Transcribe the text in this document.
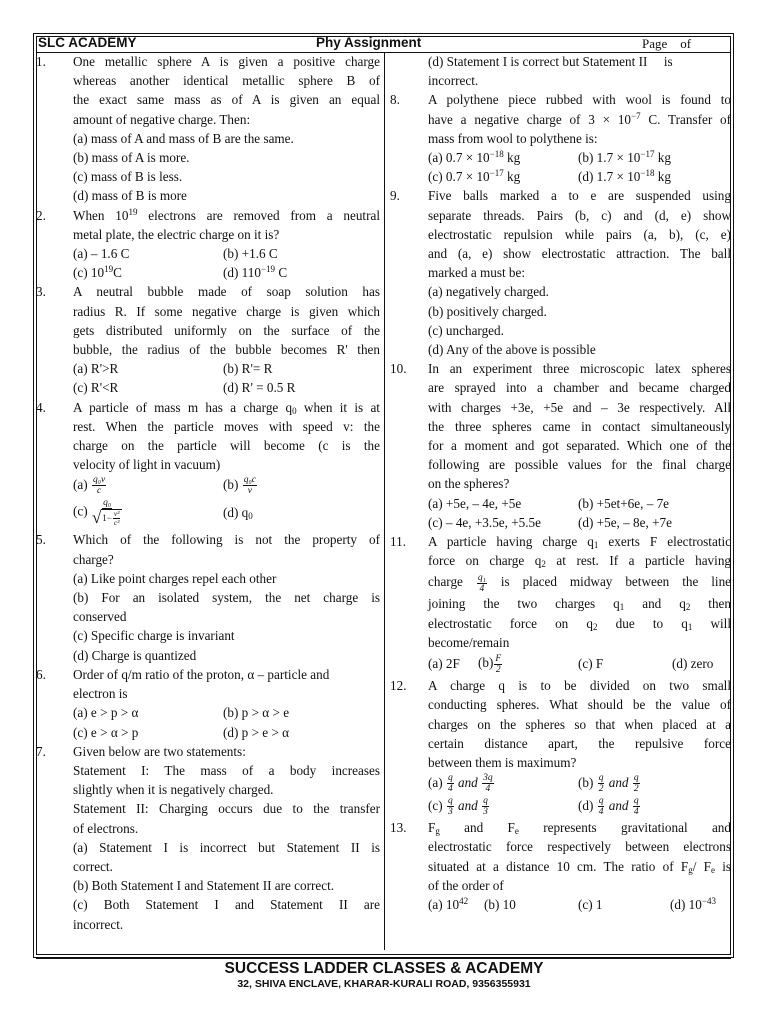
SLC ACADEMY	Phy Assignment	Page    of
1. One metallic sphere A is given a positive charge
whereas another identical metallic sphere B of
the exact same mass as of A is given an equal
amount of negative charge. Then:
(a) mass of A and mass of B are the same.
(b) mass of A is more.
(c) mass of B is less.
(d) mass of B is more
2. When $10^{19}$ electrons are removed from a neutral
metal plate, the electric charge on it is?
(a) – 1.6 C	(b) +1.6 C
(c) $10^{19}C$	(d) $110^{-19}$ C
3. A neutral bubble made of soap solution has
radius R. If some negative charge is given which
gets distributed uniformly on the surface of the
bubble, the radius of the bubble becomes R' then
(a) R'>R	(b) R'= R
(c) R'<R	(d) R' = 0.5 R
4. A particle of mass m has a charge $q_0$ when it is at
rest. When the particle moves with speed v: the
charge on the particle will become (c is the
velocity of light in vacuum)
$(a) \frac{\text{q₀v}}{c}$	$(b) \frac{\text{q₀c}}{v}$
$(c) \frac{\text{q₀}}{√ 1- \frac{\text{v²}}{\text{c²}}}$	(d) $q_0$
5. Which of the following is not the property of
charge?
(a) Like point charges repel each other
(b) For an isolated system, the net charge is
conserved
(c) Specific charge is invariant
(d) Charge is quantized
6. Order of q/m ratio of the proton, α – particle and
electron is
(a) e > p > α	(b) p > α > e
(c) e > α > p	(d) p > e > α
7. Given below are two statements:
Statement I: The mass of a body increases
slightly when it is negatively charged.
Statement II: Charging occurs due to the transfer
of electrons.
(a) Statement I is incorrect but Statement II is
correct.
(b) Both Statement I and Statement II are correct.
(c) Both Statement I and Statement II are
incorrect.
(d) Statement I is correct but Statement II     is
incorrect.
8. A polythene piece rubbed with wool is found to
have a negative charge of $3 \times 10^{-7}$ C. Transfer of
mass from wool to polythene is:
(a) $0.7 \times 10^{-18}$ kg	(b) $1.7 \times 10^{-17}$ kg
(c) $0.7 \times 10^{-17}$ kg	(d) $1.7 \times 10^{-18}$ kg
9. Five balls marked a to e are suspended using
separate threads. Pairs (b, c) and (d, e) show
electrostatic repulsion while pairs (a, b), (c, e)
and (a, e) show electrostatic attraction. The ball
marked a must be:
(a) negatively charged.
(b) positively charged.
(c) uncharged.
(d) Any of the above is possible
10. In an experiment three microscopic latex spheres
are sprayed into a chamber and became charged
with charges +3e, +5e and – 3e respectively. All
the three spheres came in contact simultaneously
for a moment and got separated. Which one of the
following are possible values for the final charge
on the spheres?
(a) +5e, – 4e, +5e	(b) +5et+6e, – 7e
(c) – 4e, +3.5e, +5.5e	(d) +5e, – 8e, +7e
11. A particle having charge $q_1$ exerts F electrostatic
force on charge $q_2$ at rest. If a particle having
charge $\frac{\text{q₁}}{4}$ is placed midway between the line
joining the two charges $q_1$ and $q_2$ then
electrostatic force on $q_2$ due to $q_1$ will
become/remain
(a) 2F	$(b) \frac{F}{2}$	(c) F	(d) zero
12. A charge q is to be divided on two small
conducting spheres. What should be the value of
charges on the spheres so that when placed at a
certain distance apart, the repulsive force
between them is maximum?
$(a) \frac{q}{4}$ and $\frac{3q}{4}$	$(b) \frac{q}{2}$ and $\frac{q}{2}$
$(c) \frac{q}{3}$ and $\frac{q}{3}$	$(d) \frac{q}{4}$ and $\frac{q}{4}$
13. $F_g$ and $F_e$ represents gravitational and
electrostatic force respectively between electrons
situated at a distance 10 cm. The ratio of $F_g/$ $F_e$ is
of the order of
(a) $10^{42}$	(b) 10	(c) 1	(d) $10^{-43}$
SUCCESS LADDER CLASSES & ACADEMY
32, SHIVA ENCLAVE, KHARAR-KURALI ROAD, 9356355931
